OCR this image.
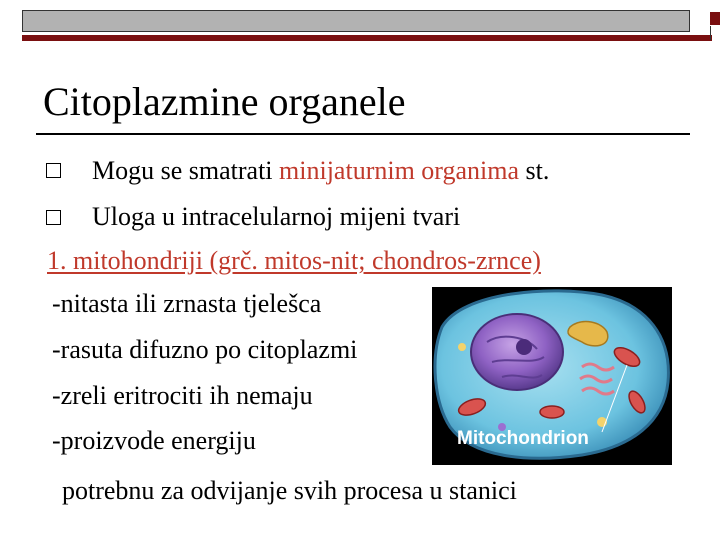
Citoplazmine organele
Mogu se smatrati minijaturnim organima st.
Uloga u intracelularnoj mijeni tvari
1. mitohondriji (grč. mitos-nit; chondros-zrnce)
-nitasta ili zrnasta tjelešca
-rasuta difuzno po citoplazmi
-zreli eritrociti ih nemaju
-proizvode energiju	Mitochondrion
potrebnu za odvijanje svih procesa u stanici
